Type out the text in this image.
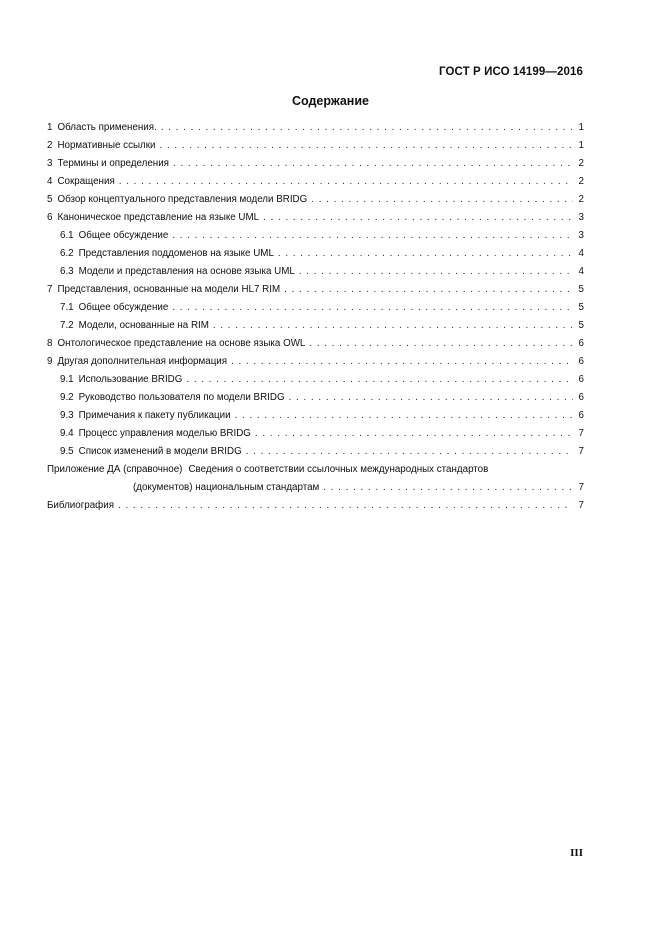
ГОСТ Р ИСО 14199—2016
Содержание
1 Область применения. . . .	1
2 Нормативные ссылки . . .	1
3 Термины и определения . . .	2
4 Сокращения . . .	2
5 Обзор концептуального представления модели BRIDG . . .	2
6 Каноническое представление на языке UML . . .	3
6.1 Общее обсуждение . . .	3
6.2 Представления поддоменов на языке UML . . .	4
6.3 Модели и представления на основе языка UML . . .	4
7 Представления, основанные на модели HL7 RIM . . .	5
7.1 Общее обсуждение . . .	5
7.2 Модели, основанные на RIM . . .	5
8 Онтологическое представление на основе языка OWL . . .	6
9 Другая дополнительная информация . . .	6
9.1 Использование BRIDG . . .	6
9.2 Руководство пользователя по модели BRIDG . . .	6
9.3 Примечания к пакету публикации . . .	6
9.4 Процесс управления моделью BRIDG . . .	7
9.5 Список изменений в модели BRIDG . . .	7
Приложение ДА (справочное) Сведения о соответствии ссылочных международных стандартов
(документов) национальным стандартам . . .	7
Библиография . . .	7
III
